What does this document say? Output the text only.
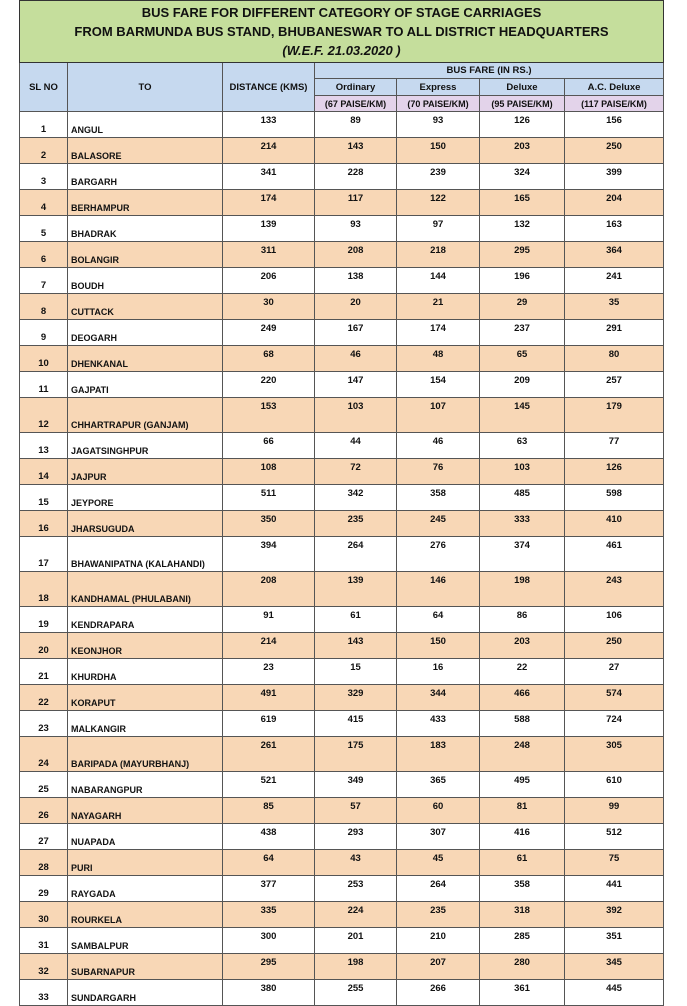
BUS FARE FOR DIFFERENT CATEGORY OF STAGE CARRIAGES
FROM BARMUNDA BUS STAND, BHUBANESWAR TO ALL DISTRICT HEADQUARTERS
(W.E.F. 21.03.2020 )						

SL NO	TO	DISTANCE (KMS)	BUS FARE (IN RS.)			
			Ordinary	Express	Deluxe	A.C. Deluxe
			(67 PAISE/KM)	(70 PAISE/KM)	(95 PAISE/KM)	(117 PAISE/KM)
1	ANGUL	133	89	93	126	156
2	BALASORE	214	143	150	203	250
3	BARGARH	341	228	239	324	399
4	BERHAMPUR	174	117	122	165	204
5	BHADRAK	139	93	97	132	163
6	BOLANGIR	311	208	218	295	364
7	BOUDH	206	138	144	196	241
8	CUTTACK	30	20	21	29	35
9	DEOGARH	249	167	174	237	291
10	DHENKANAL	68	46	48	65	80
11	GAJPATI	220	147	154	209	257
12	CHHARTRAPUR (GANJAM)	153	103	107	145	179
13	JAGATSINGHPUR	66	44	46	63	77
14	JAJPUR	108	72	76	103	126
15	JEYPORE	511	342	358	485	598
16	JHARSUGUDA	350	235	245	333	410
17	BHAWANIPATNA (KALAHANDI)	394	264	276	374	461
18	KANDHAMAL (PHULABANI)	208	139	146	198	243
19	KENDRAPARA	91	61	64	86	106
20	KEONJHOR	214	143	150	203	250
21	KHURDHA	23	15	16	22	27
22	KORAPUT	491	329	344	466	574
23	MALKANGIR	619	415	433	588	724
24	BARIPADA (MAYURBHANJ)	261	175	183	248	305
25	NABARANGPUR	521	349	365	495	610
26	NAYAGARH	85	57	60	81	99
27	NUAPADA	438	293	307	416	512
28	PURI	64	43	45	61	75
29	RAYGADA	377	253	264	358	441
30	ROURKELA	335	224	235	318	392
31	SAMBALPUR	300	201	210	285	351
32	SUBARNAPUR	295	198	207	280	345
33	SUNDARGARH	380	255	266	361	445
